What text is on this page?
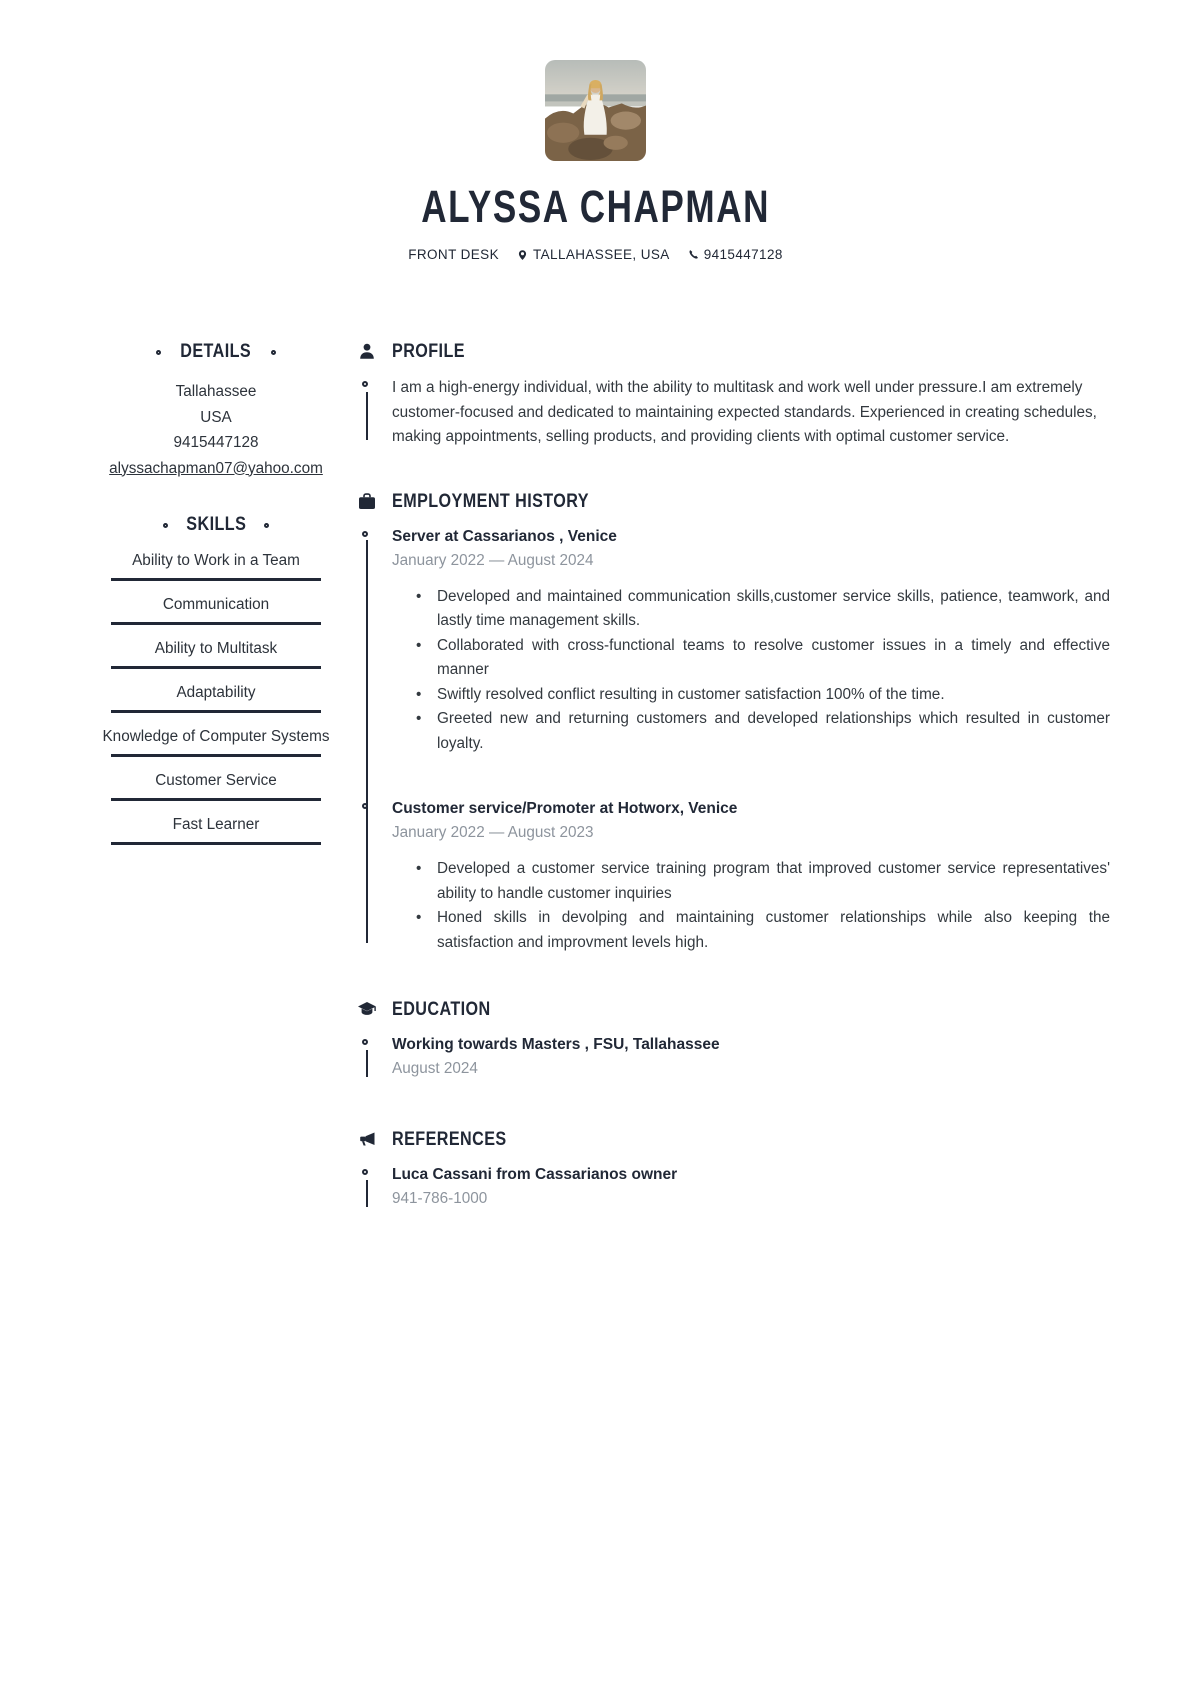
ALYSSA CHAPMAN
FRONT DESK	TALLAHASSEE, USA	9415447128
DETAILS
Tallahassee
USA
9415447128
alyssachapman07@yahoo.com
SKILLS
Ability to Work in a Team
Communication
Ability to Multitask
Adaptability
Knowledge of Computer Systems
Customer Service
Fast Learner
PROFILE

I am a high-energy individual, with the ability to multitask and work well under pressure.I am extremely customer-focused and dedicated to maintaining expected standards. Experienced in creating schedules, making appointments, selling products, and providing clients with optimal customer service.

EMPLOYMENT HISTORY
Server at Cassarianos , Venice
January 2022 — August 2024
• Developed and maintained communication skills,customer service skills, patience, teamwork, and lastly time management skills.
• Collaborated with cross-functional teams to resolve customer issues in a timely and effective manner
• Swiftly resolved conflict resulting in customer satisfaction 100% of the time.
• Greeted new and returning customers and developed relationships which resulted in customer loyalty.
Customer service/Promoter at Hotworx, Venice
January 2022 — August 2023
• Developed a customer service training program that improved customer service representatives' ability to handle customer inquiries
• Honed skills in devolping and maintaining customer relationships while also keeping the satisfaction and improvment levels high.
EDUCATION
Working towards Masters , FSU, Tallahassee
August 2024
REFERENCES
Luca Cassani from Cassarianos owner
941-786-1000
